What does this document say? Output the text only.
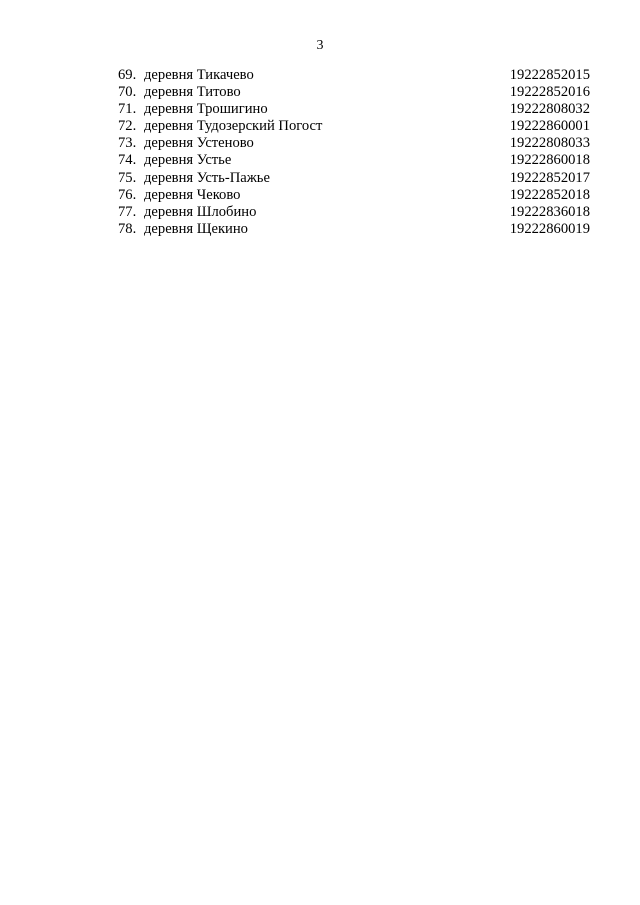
3
69. деревня Тикачево	19222852015
70. деревня Титово	19222852016
71. деревня Трошигино	19222808032
72. деревня Тудозерский Погост	19222860001
73. деревня Устеново	19222808033
74. деревня Устье	19222860018
75. деревня Усть-Пажье	19222852017
76. деревня Чеково	19222852018
77. деревня Шлобино	19222836018
78. деревня Щекино	19222860019
